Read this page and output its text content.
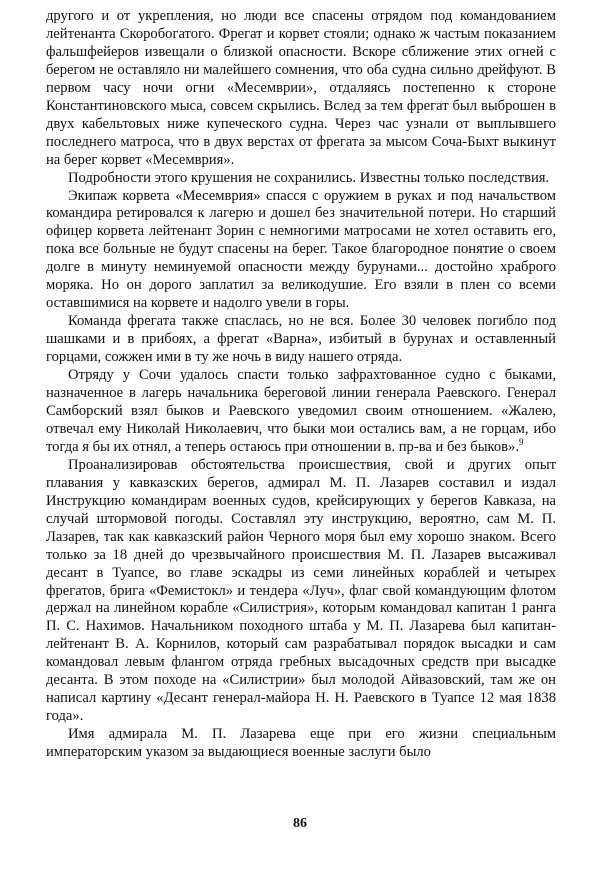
другого и от укрепления, но люди все спасены отрядом под командованием лейтенанта Скоробогатого. Фрегат и корвет стояли; однако ж частым показанием фальшфейеров извещали о близкой опасности. Вскоре сближение этих огней с берегом не оставляло ни малейшего сомнения, что оба судна сильно дрейфуют. В первом часу ночи огни «Месемврии», отдаляясь постепенно к стороне Константиновского мыса, совсем скрылись. Вслед за тем фрегат был выброшен в двух кабельтовых ниже купеческого судна. Через час узнали от выплывшего последнего матроса, что в двух верстах от фрегата за мысом Соча-Быхт выкинут на берег корвет «Месемврия».

Подробности этого крушения не сохранились. Известны только последствия.

Экипаж корвета «Месемврия» спасся с оружием в руках и под начальством командира ретировался к лагерю и дошел без значительной потери. Но старший офицер корвета лейтенант Зорин с немногими матросами не хотел оставить его, пока все больные не будут спасены на берег. Такое благородное понятие о своем долге в минуту неминуемой опасности между бурунами... достойно храброго моряка. Но он дорого заплатил за великодушие. Его взяли в плен со всеми оставшимися на корвете и надолго увели в горы.

Команда фрегата также спаслась, но не вся. Более 30 человек погибло под шашками и в прибоях, а фрегат «Варна», избитый в бурунах и оставленный горцами, сожжен ими в ту же ночь в виду нашего отряда.

Отряду у Сочи удалось спасти только зафрахтованное судно с быками, назначенное в лагерь начальника береговой линии генерала Раевского. Генерал Самборский взял быков и Раевского уведомил своим отношением. «Жалею, отвечал ему Николай Николаевич, что быки мои остались вам, а не горцам, ибо тогда я бы их отнял, а теперь остаюсь при отношении в. пр-ва и без быков».$^9$

Проанализировав обстоятельства происшествия, свой и других опыт плавания у кавказских берегов, адмирал М. П. Лазарев составил и издал Инструкцию командирам военных судов, крейсирующих у берегов Кавказа, на случай штормовой погоды. Составлял эту инструкцию, вероятно, сам М. П. Лазарев, так как кавказский район Черного моря был ему хорошо знаком. Всего только за 18 дней до чрезвычайного происшествия М. П. Лазарев высаживал десант в Туапсе, во главе эскадры из семи линейных кораблей и четырех фрегатов, брига «Фемистокл» и тендера «Луч», флаг свой командующим флотом держал на линейном корабле «Силистрия», которым командовал капитан 1 ранга П. С. Нахимов. Начальником походного штаба у М. П. Лазарева был капитан-лейтенант В. А. Корнилов, который сам разрабатывал порядок высадки и сам командовал левым флангом отряда гребных высадочных средств при высадке десанта. В этом походе на «Силистрии» был молодой Айвазовский, там же он написал картину «Десант генерал-майора Н. Н. Раевского в Туапсе 12 мая 1838 года».

Имя адмирала М. П. Лазарева еще при его жизни специальным императорским указом за выдающиеся военные заслуги было

86
